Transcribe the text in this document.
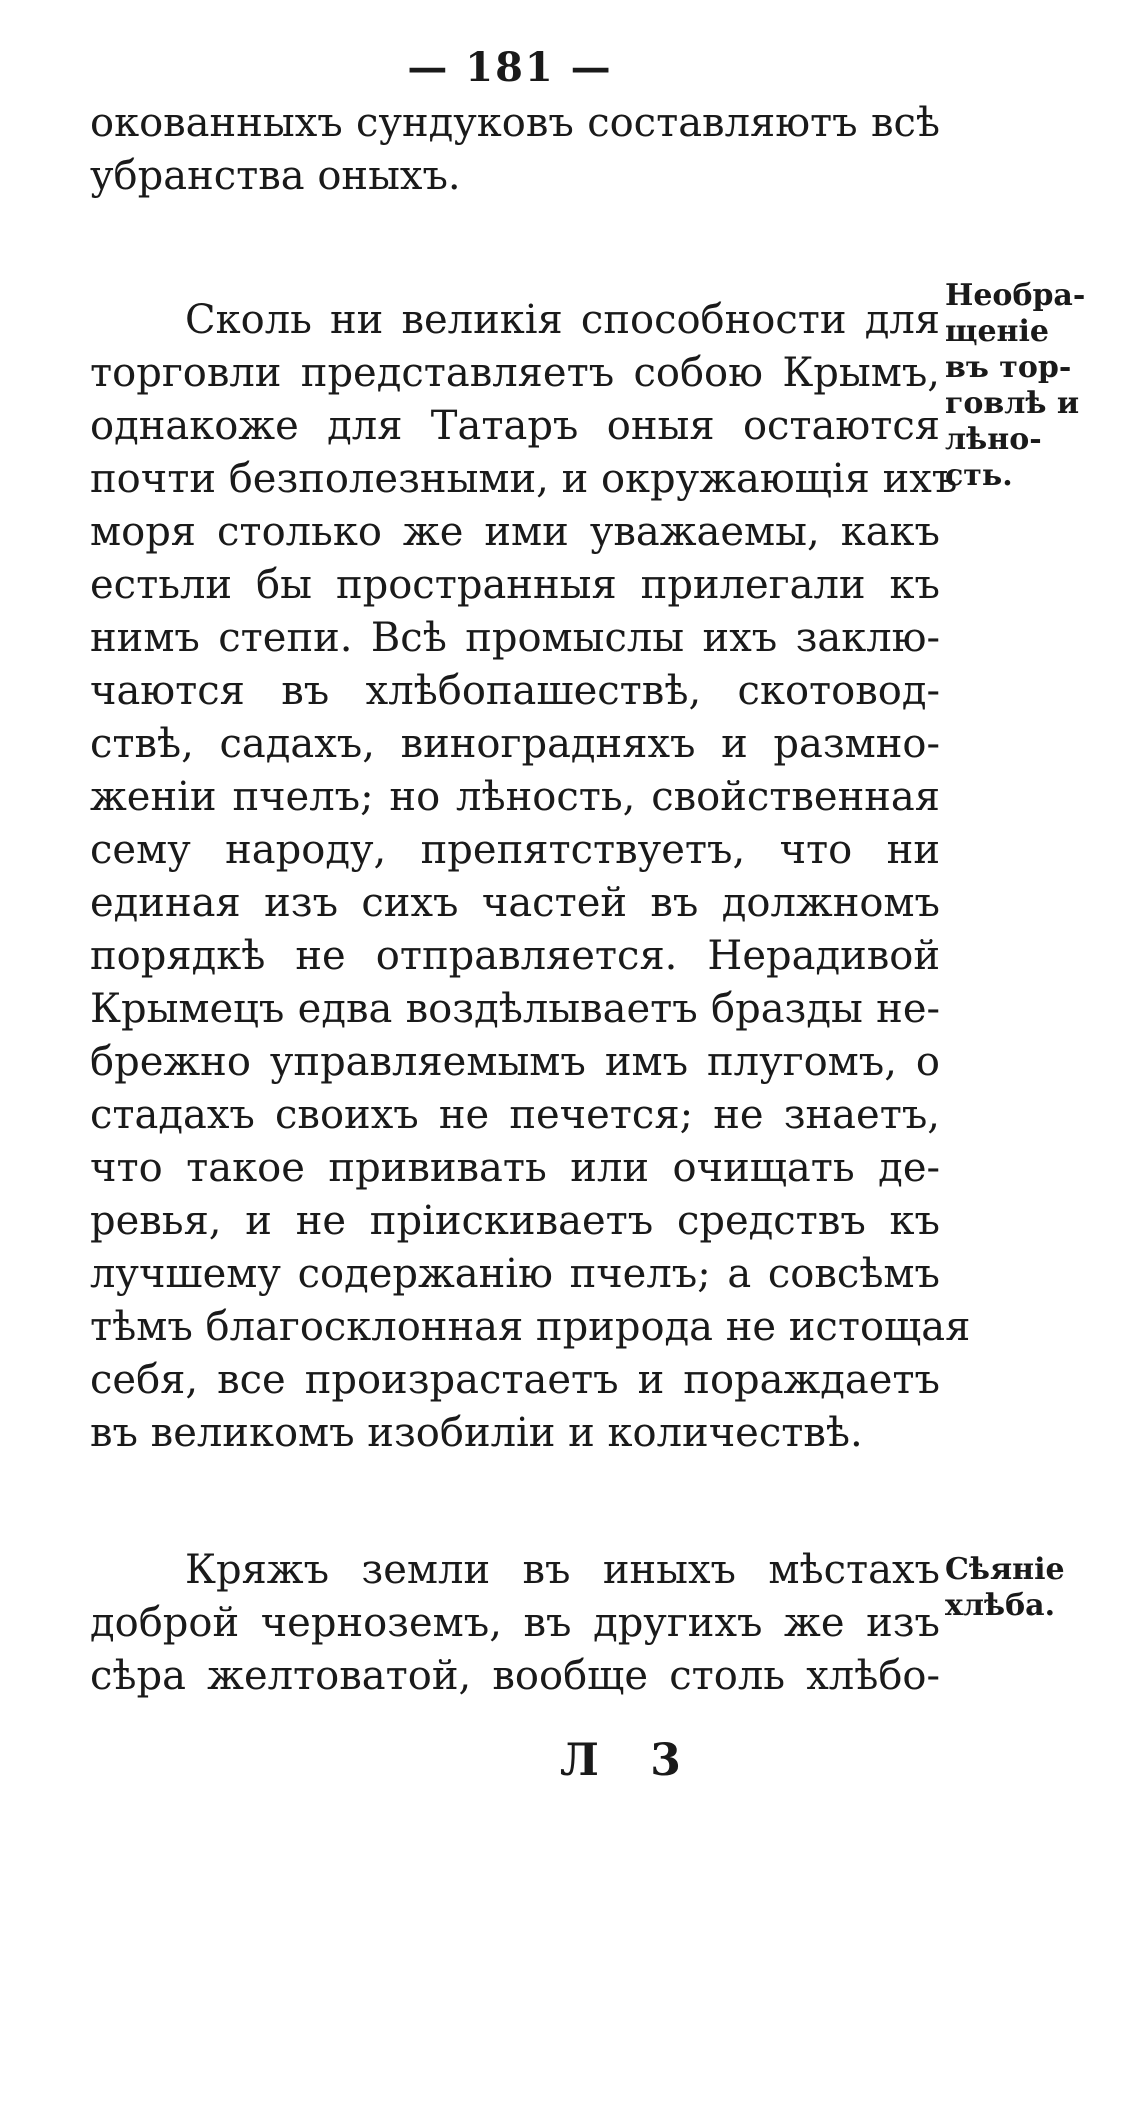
— 181 —
окованныхъ сундуковъ составляютъ всѣ
убранства оныхъ.
Сколь ни великія способности для
торговли представляетъ собою Крымъ,
однакоже для Татаръ оныя остаются
почти безполезными, и окружающія ихъ
моря столько же ими уважаемы, какъ
естьли бы пространныя прилегали къ
нимъ степи. Всѣ промыслы ихъ заклю-
чаются въ хлѣбопашествѣ, скотовод-
ствѣ, садахъ, виноградняхъ и размно-
женіи пчелъ; но лѣность, свойственная
сему народу, препятствуетъ, что ни
единая изъ сихъ частей въ должномъ
порядкѣ не отправляется. Нерадивой
Крымецъ едва воздѣлываетъ бразды не-
брежно управляемымъ имъ плугомъ, о
стадахъ своихъ не печется; не знаетъ,
что такое прививать или очищать де-
ревья, и не пріискиваетъ средствъ къ
лучшему содержанію пчелъ; а совсѣмъ
тѣмъ благосклонная природа не истощая
себя, все произрастаетъ и пораждаетъ
въ великомъ изобиліи и количествѣ.
Кряжъ земли въ иныхъ мѣстахъ
доброй черноземъ, въ другихъ же изъ
сѣра желтоватой, вообще столь хлѣбо-
Необра-
щеніе
въ тор-
говлѣ и
лѣно-
сть.
Сѣяніе
хлѣба.
Л 3
